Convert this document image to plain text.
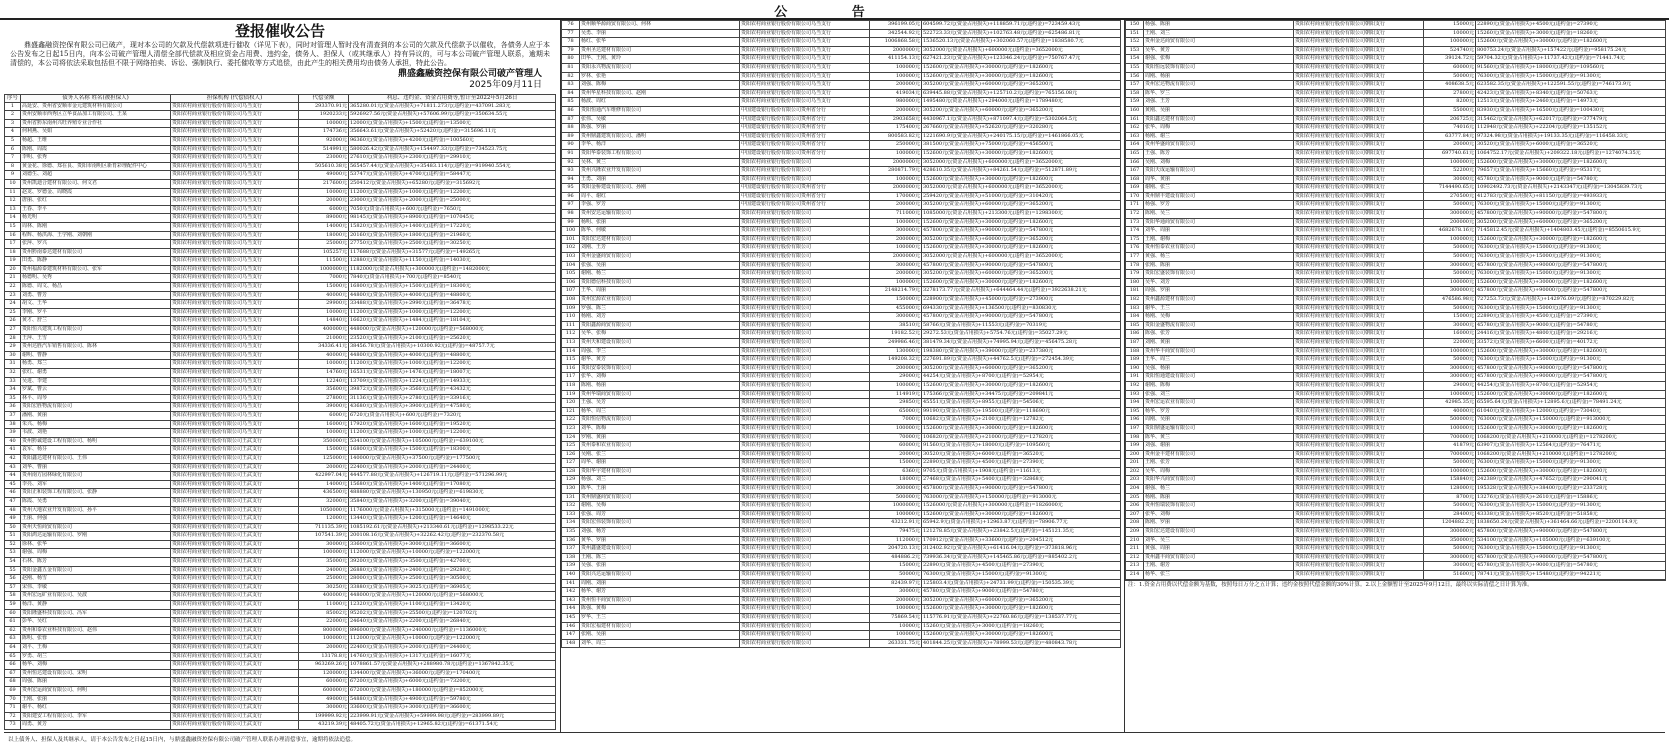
公 告
登报催收公告
鼎盛鑫融资控保有限公司已破产，现对本公司的欠款及代偿款项进行催收（详见下表），同时对管理人暂时没有清查到的本公司的欠款及代偿款予以催收，各债务人应于本公告发布之日起15日内，向本公司破产管理人清偿全部代偿款及相应资金占用费、违约金，债务人、担保人（或其继承人）持有异议的，可与本公司破产管理人联系，逾期未清偿的，本公司将依法采取包括但不限于网络拍卖、诉讼、强制执行、委托催收等方式追偿，由此产生的相关费用均由债务人承担，特此公告。
鼎盛鑫融资控保有限公司破产管理人
2025年09月11日
序号	债务人名称 姓名(被担保人)	担保机构 (代偿债权人)	代偿金额	利息、违约金、资金占用费等,暂计至2022年5月26日
1	高延安、贵州省安顺市金元建筑材料有限公司	贵阳农村商业银行股份有限公司乌当支行	293370.91元	365280.01元(资金占用损失)+71811.273元(违约金)=437091.283元
2	贵州安顺市西秀区立华食品加工有限公司、王某	贵阳农村商业银行股份有限公司乌当支行	1920233元	5926927.56元(资金占用损失)+57606.99元(违约金)=350634.55元
3	贵州省黔东南州兴旺养殖专业合作社	贵阳农村商业银行股份有限公司乌当支行	10000元	12000元(资金占用损失)+1500元(违约金)=13500元
4	何利燕、吴娟	贵阳农村商业银行股份有限公司乌当支行	174736元	356643.61元(资金占用损失)+52420元(违约金)=315696.11元
5	杨超、王维	贵阳农村商业银行股份有限公司乌当支行	92000元	96360元(资金占用损失)+4200元(违约金)=100560元
6	陈刚、周霞	贵阳农村商业银行股份有限公司乌当支行	514991元	580026.42元(资金占用损失)+154497.33元(违约金)=734523.75元
7	李明、张秀	贵阳农村商业银行股份有限公司乌当支行	23000元	27610元(资金占用损失)+2300元(违约金)=29910元
8	黄金花、徐德、郑在良、贵阳市南明区新育彩理配件中心	贵阳农村商业银行股份有限公司乌当支行	505610.38元	565457.44元(资金占用损失)+35483.114元(违约金)=919940.554元
9	刘德生、刘超	贵阳农村商业银行股份有限公司乌当支行	49000元	53747元(资金占用损失)+4700元(违约金)=58447元
10	贵州凯迪合建材有限公司、何文君	贵阳农村商业银行股份有限公司乌当支行	217600元	250412元(资金占用损失)+65280元(违约金)=315692元
11	赵龙、罗德金、周晓霞	贵阳农村商业银行股份有限公司乌当支行	10000元	11200元(资金占用损失)+1000元(违约金)=12200元
12	唐丽、张红	贵阳农村商业银行股份有限公司乌当支行	20000元	23000元(资金占用损失)+2000元(违约金)=25000元
13	王春、李平	贵阳农村商业银行股份有限公司乌当支行	6000元	7050元(资金占用损失)+600元(违约金)=7650元
14	杨光明	贵阳农村商业银行股份有限公司乌当支行	89000元	98145元(资金占用损失)+8900元(违约金)=107045元
15	周林、陈刚	贵阳农村商业银行股份有限公司乌当支行	14000元	15820元(资金占用损失)+1400元(违约金)=17220元
16	程辉、杨洪海、王学刚、刘朝刚	贵阳农村商业银行股份有限公司乌当支行	18000元	20160元(资金占用损失)+1800元(违约金)=21960元
17	张萍、罗兴	贵阳农村商业银行股份有限公司乌当支行	25000元	27750元(资金占用损失)+2500元(违约金)=30250元
18	贵州黔南泰达建材有限公司	贵阳农村商业银行股份有限公司乌当支行	105257元	117688元(资金占用损失)+31577元(违约金)=149265元
19	田勇、陈静	贵阳农村商业银行股份有限公司乌当支行	11500元	12880元(资金占用损失)+1150元(违约金)=14030元
20	贵州福源泰建筑材料有限公司、张军	贵阳农村商业银行股份有限公司乌当支行	1000000元	1182000元(资金占用损失)+300000元(违约金)=1482000元
21	杨德明、吴秀	贵阳农村商业银行股份有限公司乌当支行	7000元	7840元(资金占用损失)+700元(违约金)=8540元
22	陈德、周文、杨昌	贵阳农村商业银行股份有限公司乌当支行	15000元	16800元(资金占用损失)+1500元(违约金)=18300元
23	刘勇、曹芳	贵阳农村商业银行股份有限公司乌当支行	40000元	44800元(资金占用损失)+4000元(违约金)=48800元
24	胡文、王华	贵阳农村商业银行股份有限公司乌当支行	29900元	33488元(资金占用损失)+2990元(违约金)=36478元
25	李刚、罗平	贵阳农村商业银行股份有限公司乌当支行	10000元	11200元(资金占用损失)+1000元(违约金)=12200元
26	黄才、舒兰	贵阳农村商业银行股份有限公司乌当支行	14840元	16620元(资金占用损失)+1484元(违约金)=18104元
27	贵阳恒兴建筑工程有限公司	贵阳农村商业银行股份有限公司乌当支行	400000元	448000元(资金占用损失)+120000元(违约金)=568000元
28	王萍、王雪	贵阳农村商业银行股份有限公司乌当支行	21000元	23520元(资金占用损失)+2100元(违约金)=25620元
29	贵州达胜汽车销售有限公司、陈林	贵阳农村商业银行股份有限公司乌当支行	34336.41元	38456.78元(资金占用损失)+10300.92元(违约金)=48757.7元
30	谢明、曹静	贵阳农村商业银行股份有限公司乌当支行	40000元	44800元(资金占用损失)+4000元(违约金)=48800元
31	杨勇、郑兰	贵阳农村商业银行股份有限公司乌当支行	10000元	11200元(资金占用损失)+1000元(违约金)=12200元
32	张红、谢勇	贵阳农村商业银行股份有限公司乌当支行	14760元	16531元(资金占用损失)+1476元(违约金)=18007元
33	吴进、李建	贵阳农村商业银行股份有限公司乌当支行	12240元	13709元(资金占用损失)+1224元(违约金)=14933元
34	罗斌、曹云	贵阳农村商业银行股份有限公司乌当支行	35600元	39872元(资金占用损失)+3560元(违约金)=43432元
35	林平、周琴	贵阳农村商业银行股份有限公司乌当支行	27800元	31136元(资金占用损失)+2780元(违约金)=33916元
36	贵阳宏胜物流有限公司	贵阳农村商业银行股份有限公司乌当支行	39000元	43680元(资金占用损失)+3900元(违约金)=47580元
37	潘刚、黄丽	贵阳农村商业银行股份有限公司乌当支行	6000元	6720元(资金占用损失)+600元(违约金)=7320元
38	朱兴、杨梅	贵阳农村商业银行股份有限公司乌当支行	16000元	17920元(资金占用损失)+1600元(违约金)=19520元
39	韦波、刘艳	贵阳农村商业银行股份有限公司乌当支行	10000元	11200元(资金占用损失)+1000元(违约金)=12200元
40	贵州黔诚建设工程有限公司、杨明	贵阳农村商业银行股份有限公司王武支行	350000元	534100元(资金占用损失)+105000元(违约金)=639100元
41	袁军、杨芬	贵阳农村商业银行股份有限公司王武支行	15000元	16800元(资金占用损失)+1500元(违约金)=18300元
42	贵阳鑫达建材有限公司、王伟	贵阳农村商业银行股份有限公司王武支行	125000元	140000元(资金占用损失)+37500元(违约金)=177500元
43	刘华、曹丽	贵阳农村商业银行股份有限公司王武支行	20000元	22400元(资金占用损失)+2000元(违约金)=24400元
44	贵州南方园林绿化有限公司	贵阳农村商业银行股份有限公司王武支行	422997.04元	444577.88元(资金占用损失)+126719.11元(违约金)=571296.99元
45	李亮、刘军	贵阳农村商业银行股份有限公司王武支行	14000元	15680元(资金占用损失)+1400元(违约金)=17080元
46	贵阳正和装饰工程有限公司、张静	贵阳农村商业银行股份有限公司王武支行	436500元	488880元(资金占用损失)+130950元(违约金)=619830元
47	陈霞、吴勇	贵阳农村商业银行股份有限公司王武支行	32000元	35840元(资金占用损失)+3200元(违约金)=39040元
48	贵州大地农业开发有限公司、孙平	贵阳农村商业银行股份有限公司王武支行	1050000元	1176000元(资金占用损失)+315000元(违约金)=1491000元
49	王丽、何强	贵阳农村商业银行股份有限公司王武支行	12000元	13440元(资金占用损失)+1200元(违约金)=14640元
50	贵州天恒商贸有限公司	贵阳农村商业银行股份有限公司王武支行	711135.39元	1085192.61元(资金占用损失)+213340.61元(违约金)=1298533.22元
51	贵阳鸿达运输有限公司、罗刚	贵阳农村商业银行股份有限公司王武支行	107541.39元	200108.16元(资金占用损失)+32262.42元(违约金)=232370.58元
52	徐林、张华	贵阳农村商业银行股份有限公司王武支行	30000元	33600元(资金占用损失)+3000元(违约金)=36600元
53	谢强、周梅	贵阳农村商业银行股份有限公司王武支行	100000元	112000元(资金占用损失)+10000元(违约金)=122000元
54	石林、陈芳	贵阳农村商业银行股份有限公司王武支行	35000元	39200元(资金占用损失)+3500元(违约金)=42700元
55	贵阳金鑫五金有限公司	贵阳农村商业银行股份有限公司王武支行	24000元	26880元(资金占用损失)+2400元(违约金)=29280元
56	赵刚、杨雪	贵阳农村商业银行股份有限公司王武支行	25000元	28000元(资金占用损失)+2500元(违约金)=30500元
57	宋伟、李敏	贵阳农村商业银行股份有限公司王武支行	30250元	33880元(资金占用损失)+3025元(违约金)=36905元
58	贵州宏远矿业有限公司、吴波	贵阳农村商业银行股份有限公司王武支行	400000元	448000元(资金占用损失)+120000元(违约金)=568000元
59	杨洋、黄静	贵阳农村商业银行股份有限公司王武支行	11000元	12320元(资金占用损失)+1100元(违约金)=13420元
60	贵阳隆盛科技有限公司、冯军	贵阳农村商业银行股份有限公司王武支行	85002元	95202元(资金占用损失)+25500元(违约金)=120702元
61	彭华、吴红	贵阳农村商业银行股份有限公司王武支行	22000元	24640元(资金占用损失)+2200元(违约金)=26840元
62	贵州和泰农业科技有限公司、赵伟	贵阳农村商业银行股份有限公司王武支行	800000元	896000元(资金占用损失)+240000元(违约金)=1136000元
63	陈明、张蓉	贵阳农村商业银行股份有限公司王武支行	100000元	112000元(资金占用损失)+10000元(违约金)=122000元
64	刘平、王梅	贵阳农村商业银行股份有限公司王武支行	20000元	22400元(资金占用损失)+2000元(违约金)=24400元
65	罗勇、胡兰	贵阳农村商业银行股份有限公司王武支行	13178.8元	14760元(资金占用损失)+1317元(违约金)=16077元
66	杨华、刘梅	贵阳农村商业银行股份有限公司王武支行	963269.26元	1078861.57元(资金占用损失)+288980.78元(违约金)=1367842.35元
67	贵州恒达建设有限公司、宋明	贵阳农村商业银行股份有限公司王武支行	120000元	134400元(资金占用损失)+36000元(违约金)=170400元
68	周强、陈丽	贵阳农村商业银行股份有限公司王武支行	60000元	67200元(资金占用损失)+6000元(违约金)=73200元
69	贵州宏运商贸有限公司、何明	贵阳农村商业银行股份有限公司王武支行	600000元	672000元(资金占用损失)+180000元(违约金)=852000元
70	王刚、张丽	贵阳农村商业银行股份有限公司王武支行	49000元	54880元(资金占用损失)+4900元(违约金)=59780元
71	谢平、杨红	贵阳农村商业银行股份有限公司王武支行	30000元	33600元(资金占用损失)+3000元(违约金)=36600元
72	贵阳建安工程有限公司、李军	贵阳农村商业银行股份有限公司王武支行	199999.92元	223999.91元(资金占用损失)+59999.98元(违约金)=283999.89元
73	周勇、黄芳	贵阳农村商业银行股份有限公司王武支行	43219.39元	48405.72元(资金占用损失)+12965.82元(违约金)=61371.54元
76	贵州顺华源商贸有限公司、何林	贵阳农村商业银行股份有限公司乌当支行	396199.05元	604599.72元(资金占用损失)+118859.71元(违约金)=723459.43元
77	吴勇、李丽	贵阳农村商业银行股份有限公司乌当支行	342544.92元	522723.33元(资金占用损失)+102763.48元(违约金)=625486.81元
78	杨红、张华	贵阳农村商业银行股份有限公司乌当支行	1006868.58元	1536520.13元(资金占用损失)+302060.57元(违约金)=1838580.7元
79	贵州圣达建材有限公司	贵阳农村商业银行股份有限公司乌当支行	2000000元	3052000元(资金占用损失)+600000元(违约金)=3652000元
80	田华、王刚、黄玲	贵阳农村商业银行股份有限公司乌当支行	411154.13元	627421.23元(资金占用损失)+123346.24元(违约金)=750767.47元
81	贵阳永兴物流有限公司	贵阳农村商业银行股份有限公司乌当支行	100000元	152600元(资金占用损失)+30000元(违约金)=182600元
82	罗林、张艳	贵阳农村商业银行股份有限公司乌当支行	100000元	152600元(资金占用损失)+30000元(违约金)=182600元
83	刘强、陈梅	贵阳农村商业银行股份有限公司乌当支行	200000元	305200元(资金占用损失)+60000元(违约金)=365200元
84	贵州华星科技有限公司、赵刚	贵阳农村商业银行股份有限公司乌当支行	419034元	639445.88元(资金占用损失)+125710.2元(违约金)=765156.08元
85	杨波、周红	贵阳农村商业银行股份有限公司乌当支行	980000元	1495480元(资金占用损失)+294000元(违约金)=1789480元
86	贵阳恒通汽车维修有限公司	中国建设银行股份有限公司贵州省分行	200000元	305200元(资金占用损失)+60000元(违约金)=365200元
87	张伟、吴敏	中国建设银行股份有限公司贵州省分行	2903658元	4430967.1元(资金占用损失)+871097.4元(违约金)=5302064.5元
88	陈强、罗丽	中国建设银行股份有限公司贵州省分行	175400元	267660元(资金占用损失)+52620元(违约金)=320280元
89	贵州鼎鑫建筑有限公司、潘明	中国建设银行股份有限公司贵州省分行	800583.82元	1221690.9元(资金占用损失)+240175.15元(违约金)=1461866.05元
90	李华、杨洋	中国建设银行股份有限公司贵州省分行	250000元	381500元(资金占用损失)+75000元(违约金)=456500元
91	贵阳华泰装饰工程有限公司	中国建设银行股份有限公司贵州省分行	100000元	152600元(资金占用损失)+30000元(违约金)=182600元
92	吴林、黄兰	贵阳农村商业银行股份有限公司	2000000元	3052000元(资金占用损失)+600000元(违约金)=3652000元
93	贵州兴隆农业开发有限公司	贵阳农村商业银行股份有限公司	280871.79元	428610.35元(资金占用损失)+84261.54元(违约金)=512871.89元
94	王勇、刘丽	贵阳农村商业银行股份有限公司	100000元	152600元(资金占用损失)+30000元(违约金)=182600元
95	贵阳金桥建设有限公司、孙刚	中国建设银行股份有限公司贵州省分行	2000000元	3052000元(资金占用损失)+600000元(违约金)=3652000元
96	周平、谢红	中国建设银行股份有限公司贵州省分行	170000元	259420元(资金占用损失)+51000元(违约金)=310420元
97	李强、罗芳	中国建设银行股份有限公司贵州省分行	200000元	305200元(资金占用损失)+60000元(违约金)=365200元
98	贵州安达运输有限公司	贵阳农村商业银行股份有限公司	711000元	1085000元(资金占用损失)+213300元(违约金)=1298300元
99	杨明、张丽	贵阳农村商业银行股份有限公司	100000元	152600元(资金占用损失)+30000元(违约金)=182600元
100	陈华、何敏	贵阳农村商业银行股份有限公司	300000元	457800元(资金占用损失)+90000元(违约金)=547800元
101	贵阳宏达建材有限公司	贵阳农村商业银行股份有限公司	200000元	305200元(资金占用损失)+60000元(违约金)=365200元
102	刘刚、王芳	贵阳农村商业银行股份有限公司	100000元	152600元(资金占用损失)+30000元(违约金)=182600元
103	贵州金盛商贸有限公司	贵阳农村商业银行股份有限公司	2000000元	3052000元(资金占用损失)+600000元(违约金)=3652000元
104	张强、吴丽	贵阳农村商业银行股份有限公司	300000元	457800元(资金占用损失)+90000元(违约金)=547800元
105	谢刚、杨兰	贵阳农村商业银行股份有限公司	200000元	305200元(资金占用损失)+60000元(违约金)=365200元
106	贵阳德信科技有限公司	贵阳农村商业银行股份有限公司	100000元	152600元(资金占用损失)+30000元(违约金)=182600元
107	王华、周丽	贵阳农村商业银行股份有限公司	2148214.79元	3278173.77元(资金占用损失)+644464.44元(违约金)=3922638.21元
108	贵州宏源农业有限公司	贵阳农村商业银行股份有限公司	150000元	228900元(资金占用损失)+45000元(违约金)=273900元
109	罗强、陈兰	贵阳农村商业银行股份有限公司	455000元	694330元(资金占用损失)+136500元(违约金)=830830元
110	杨刚、刘芳	贵阳农村商业银行股份有限公司	300000元	457800元(资金占用损失)+90000元(违约金)=547800元
111	贵阳鑫源商贸有限公司	贵阳农村商业银行股份有限公司	38510元	58766元(资金占用损失)+11553元(违约金)=70319元
112	吴华、张梅	贵阳农村商业银行股份有限公司	19182.52元	29272.53元(资金占用损失)+5754.76元(违约金)=35027.29元
113	贵州天和建设有限公司	贵阳农村商业银行股份有限公司	249986.46元	381479.34元(资金占用损失)+74995.94元(违约金)=456475.28元
114	周强、李兰	贵阳农村商业银行股份有限公司	130000元	198380元(资金占用损失)+39000元(违约金)=237380元
115	谢华、黄芳	贵阳农村商业银行股份有限公司	149208.32元	227691.89元(资金占用损失)+44762.5元(违约金)=272454.39元
116	贵阳安泰装饰有限公司	贵阳农村商业银行股份有限公司	200000元	305200元(资金占用损失)+60000元(违约金)=365200元
117	张华、刘梅	贵阳农村商业银行股份有限公司	29000元	44254元(资金占用损失)+8700元(违约金)=52954元
118	陈刚、杨丽	贵阳农村商业银行股份有限公司	100000元	152600元(资金占用损失)+30000元(违约金)=182600元
119	贵州华瑞商贸有限公司	贵阳农村商业银行股份有限公司	114919元	175366元(资金占用损失)+34475元(违约金)=209841元
120	王强、吴芳	贵阳农村商业银行股份有限公司	29850元	45551元(资金占用损失)+8955元(违约金)=54506元
121	杨华、周兰	贵阳农村商业银行股份有限公司	65000元	99190元(资金占用损失)+19500元(违约金)=118690元
122	贵阳恒信物流有限公司	贵阳农村商业银行股份有限公司	7000元	10682元(资金占用损失)+2100元(违约金)=12782元
123	刘华、陈梅	贵阳农村商业银行股份有限公司	100000元	152600元(资金占用损失)+30000元(违约金)=182600元
124	罗刚、黄丽	贵阳农村商业银行股份有限公司	70000元	106820元(资金占用损失)+21000元(违约金)=127820元
125	贵州泰和农业有限公司	贵阳农村商业银行股份有限公司	60000元	91560元(资金占用损失)+18000元(违约金)=109560元
126	吴刚、张兰	贵阳农村商业银行股份有限公司	20000元	30520元(资金占用损失)+6000元(违约金)=36520元
127	周华、谢丽	贵阳农村商业银行股份有限公司	15000元	22890元(资金占用损失)+4500元(违约金)=27390元
128	贵阳华宇建材有限公司	贵阳农村商业银行股份有限公司	6360元	9705元(资金占用损失)+1908元(违约金)=11613元
129	杨强、刘兰	贵阳农村商业银行股份有限公司	18000元	27468元(资金占用损失)+5400元(违约金)=32868元
130	陈华、王丽	贵阳农村商业银行股份有限公司	300000元	457800元(资金占用损失)+90000元(违约金)=547800元
131	贵州鼎盛商贸有限公司	贵阳农村商业银行股份有限公司	500000元	763000元(资金占用损失)+150000元(违约金)=913000元
132	谢刚、吴梅	贵阳农村商业银行股份有限公司	1000000元	1526000元(资金占用损失)+300000元(违约金)=1826000元
133	张强、周芳	贵阳农村商业银行股份有限公司	100000元	152600元(资金占用损失)+30000元(违约金)=182600元
134	贵阳宏伟装饰有限公司	贵阳农村商业银行股份有限公司	43212.91元	65942.9元(资金占用损失)+12963.87元(违约金)=78906.77元
135	刘强、杨芳	贵阳农村商业银行股份有限公司	79475元	121278.85元(资金占用损失)+23842.5元(违约金)=145121.35元
136	黄华、罗丽	贵阳农村商业银行股份有限公司	112000元	170912元(资金占用损失)+33600元(违约金)=204512元
137	贵州鑫盛建设有限公司	贵阳农村商业银行股份有限公司	204720.13元	312402.92元(资金占用损失)+61416.04元(违约金)=373818.96元
138	王刚、陈兰	贵阳农村商业银行股份有限公司	484886.2元	739936.34元(资金占用损失)+145465.86元(违约金)=885402.2元
139	吴强、张丽	贵阳农村商业银行股份有限公司	15000元	22890元(资金占用损失)+4500元(违约金)=27390元
140	贵阳兴达运输有限公司	贵阳农村商业银行股份有限公司	50000元	76300元(资金占用损失)+15000元(违约金)=91300元
141	周刚、刘丽	贵阳农村商业银行股份有限公司	82439.97元	125803.4元(资金占用损失)+24731.99元(违约金)=150535.39元
142	杨华、谢芳	贵阳农村商业银行股份有限公司	30000元	45780元(资金占用损失)+9000元(违约金)=54780元
143	贵州恒丰商贸有限公司	贵阳农村商业银行股份有限公司	200000元	305200元(资金占用损失)+60000元(违约金)=365200元
144	陈强、黄梅	贵阳农村商业银行股份有限公司	100000元	152600元(资金占用损失)+30000元(违约金)=182600元
145	罗华、王兰	贵阳农村商业银行股份有限公司	75869.54元	115776.91元(资金占用损失)+22760.86元(违约金)=138537.77元
146	贵阳宏福建材有限公司	贵阳农村商业银行股份有限公司	10000元	15260元(资金占用损失)+3000元(违约金)=18260元
147	张刚、吴丽	贵阳农村商业银行股份有限公司	100000元	152600元(资金占用损失)+30000元(违约金)=182600元
148	刘华、周兰	贵阳农村商业银行股份有限公司	263331.75元	401844.25元(资金占用损失)+78999.53元(违约金)=480843.78元
150	杨强、陈丽	贵阳农村商业银行股份有限公司朝阳支行	15000元	22890元(资金占用损失)+4500元(违约金)=27390元
151	王刚、刘兰	贵阳农村商业银行股份有限公司朝阳支行	10000元	15260元(资金占用损失)+3000元(违约金)=18260元
152	贵州金达商贸有限公司	贵阳农村商业银行股份有限公司朝阳支行	100000元	152600元(资金占用损失)+30000元(违约金)=182600元
153	吴华、黄芳	贵阳农村商业银行股份有限公司朝阳支行	524740元	800753.24元(资金占用损失)+157422元(违约金)=958175.24元
154	谢强、张梅	贵阳农村商业银行股份有限公司朝阳支行	39124.72元	59704.32元(资金占用损失)+11737.42元(违约金)=71441.74元
155	贵阳恒远装饰有限公司	贵阳农村商业银行股份有限公司朝阳支行	60000元	91560元(资金占用损失)+18000元(违约金)=109560元
156	周刚、杨丽	贵阳农村商业银行股份有限公司朝阳支行	50000元	76300元(资金占用损失)+15000元(违约金)=91300元
157	贵州宏达物流有限公司	贵阳农村商业银行股份有限公司朝阳支行	408638.5元	623582.35元(资金占用损失)+122591.55元(违约金)=746173.9元
158	陈华、罗兰	贵阳农村商业银行股份有限公司朝阳支行	27800元	42423元(资金占用损失)+8340元(违约金)=50763元
159	刘强、王芳	贵阳农村商业银行股份有限公司朝阳支行	8200元	12513元(资金占用损失)+2460元(违约金)=14973元
160	黄刚、吴丽	贵阳农村商业银行股份有限公司朝阳支行	55000元	83930元(资金占用损失)+16500元(违约金)=100430元
161	贵阳鑫达建材有限公司	贵阳农村商业银行股份有限公司朝阳支行	206725元	315462元(资金占用损失)+62017元(违约金)=377479元
162	张华、周梅	贵阳农村商业银行股份有限公司朝阳支行	74016元	112948元(资金占用损失)+22204元(违约金)=135152元
163	杨刚、谢兰	贵阳农村商业银行股份有限公司朝阳支行	63777.84元	97324.98元(资金占用损失)+19133.35元(违约金)=116458.33元
164	贵州华盛商贸有限公司	贵阳农村商业银行股份有限公司朝阳支行	20000元	30520元(资金占用损失)+6000元(违约金)=36520元
165	王强、陈芳	贵阳农村商业银行股份有限公司朝阳支行	697740.61元	1064752.17元(资金占用损失)+209322.18元(违约金)=1274074.35元
166	吴刚、刘梅	贵阳农村商业银行股份有限公司朝阳支行	100000元	152600元(资金占用损失)+30000元(违约金)=182600元
167	贵阳天成运输有限公司	贵阳农村商业银行股份有限公司朝阳支行	52200元	79657元(资金占用损失)+15660元(违约金)=95317元
168	周华、黄丽	贵阳农村商业银行股份有限公司朝阳支行	30000元	45780元(资金占用损失)+9000元(违约金)=54780元
169	谢刚、张兰	贵阳农村商业银行股份有限公司朝阳支行	7144490.65元	10902492.73元(资金占用损失)+2143347元(违约金)=13045839.73元
170	贵州鼎丰建设有限公司	贵阳农村商业银行股份有限公司朝阳支行	270500元	412783元(资金占用损失)+81150元(违约金)=493933元
171	杨强、罗芳	贵阳农村商业银行股份有限公司朝阳支行	50000元	76300元(资金占用损失)+15000元(违约金)=91300元
172	陈刚、吴兰	贵阳农村商业银行股份有限公司朝阳支行	300000元	457800元(资金占用损失)+90000元(违约金)=547800元
173	贵阳华通商贸有限公司	贵阳农村商业银行股份有限公司朝阳支行	200000元	305200元(资金占用损失)+60000元(违约金)=365200元
174	刘华、周丽	贵阳农村商业银行股份有限公司朝阳支行	4682678.16元	7145812.45元(资金占用损失)+1404803.45元(违约金)=8550615.9元
175	王刚、谢梅	贵阳农村商业银行股份有限公司朝阳支行	100000元	152600元(资金占用损失)+30000元(违约金)=182600元
176	贵州恒泰农业有限公司	贵阳农村商业银行股份有限公司朝阳支行	50000元	76300元(资金占用损失)+15000元(违约金)=91300元
177	黄强、杨兰	贵阳农村商业银行股份有限公司朝阳支行	50000元	76300元(资金占用损失)+15000元(违约金)=91300元
178	张刚、陈丽	贵阳农村商业银行股份有限公司朝阳支行	300000元	457800元(资金占用损失)+90000元(违约金)=547800元
179	贵阳宏盛装饰有限公司	贵阳农村商业银行股份有限公司朝阳支行	50000元	76300元(资金占用损失)+15000元(违约金)=91300元
180	吴华、刘芳	贵阳农村商业银行股份有限公司朝阳支行	100000元	152600元(资金占用损失)+30000元(违约金)=182600元
181	周强、罗丽	贵阳农村商业银行股份有限公司朝阳支行	300000元	457800元(资金占用损失)+90000元(违约金)=547800元
182	贵州鑫源建材有限公司	贵阳农村商业银行股份有限公司朝阳支行	476586.98元	727253.73元(资金占用损失)+142976.09元(违约金)=870229.82元
183	谢华、王兰	贵阳农村商业银行股份有限公司朝阳支行	50000元	76300元(资金占用损失)+15000元(违约金)=91300元
184	杨刚、吴梅	贵阳农村商业银行股份有限公司朝阳支行	15000元	22890元(资金占用损失)+4500元(违约金)=27390元
185	贵阳金盛物流有限公司	贵阳农村商业银行股份有限公司朝阳支行	30000元	45780元(资金占用损失)+9000元(违约金)=54780元
186	陈强、张芳	贵阳农村商业银行股份有限公司朝阳支行	16000元	24416元(资金占用损失)+4800元(违约金)=29216元
187	刘刚、黄丽	贵阳农村商业银行股份有限公司朝阳支行	22000元	33572元(资金占用损失)+6600元(违约金)=40172元
188	贵州华丰商贸有限公司	贵阳农村商业银行股份有限公司朝阳支行	100000元	152600元(资金占用损失)+30000元(违约金)=182600元
189	王华、周兰	贵阳农村商业银行股份有限公司朝阳支行	50000元	76300元(资金占用损失)+15000元(违约金)=91300元
190	吴强、杨丽	贵阳农村商业银行股份有限公司朝阳支行	300000元	457800元(资金占用损失)+90000元(违约金)=547800元
191	贵阳恒通建设有限公司	贵阳农村商业银行股份有限公司朝阳支行	300000元	457800元(资金占用损失)+90000元(违约金)=547800元
192	谢刚、陈梅	贵阳农村商业银行股份有限公司朝阳支行	29000元	44254元(资金占用损失)+8700元(违约金)=52954元
193	张强、刘兰	贵阳农村商业银行股份有限公司朝阳支行	100000元	152600元(资金占用损失)+30000元(违约金)=182600元
194	贵州宏运农业有限公司	贵阳农村商业银行股份有限公司朝阳支行	42985.35元	65595.64元(资金占用损失)+12895.6元(违约金)=78491.24元
195	杨华、罗芳	贵阳农村商业银行股份有限公司朝阳支行	40000元	61040元(资金占用损失)+12000元(违约金)=73040元
196	周刚、吴丽	贵阳农村商业银行股份有限公司朝阳支行	500000元	763000元(资金占用损失)+150000元(违约金)=913000元
197	贵阳鼎盛运输有限公司	贵阳农村商业银行股份有限公司朝阳支行	100000元	152600元(资金占用损失)+30000元(违约金)=182600元
198	陈华、黄兰	贵阳农村商业银行股份有限公司朝阳支行	700000元	1068200元(资金占用损失)+210000元(违约金)=1278200元
199	刘强、谢丽	贵阳农村商业银行股份有限公司朝阳支行	41879元	63907元(资金占用损失)+12564元(违约金)=76471元
200	贵州金丰建材有限公司	贵阳农村商业银行股份有限公司朝阳支行	700000元	1068200元(资金占用损失)+210000元(违约金)=1278200元
201	王刚、张芳	贵阳农村商业银行股份有限公司朝阳支行	50000元	76300元(资金占用损失)+15000元(违约金)=91300元
202	吴华、周梅	贵阳农村商业银行股份有限公司朝阳支行	100000元	152600元(资金占用损失)+30000元(违约金)=182600元
203	贵阳华兴商贸有限公司	贵阳农村商业银行股份有限公司朝阳支行	158840元	242389元(资金占用损失)+47652元(违约金)=290041元
204	谢强、杨兰	贵阳农村商业银行股份有限公司朝阳支行	128000元	195328元(资金占用损失)+38400元(违约金)=233728元
205	杨刚、陈丽	贵阳农村商业银行股份有限公司朝阳支行	8700元	13276元(资金占用损失)+2610元(违约金)=15886元
206	贵州恒瑞装饰有限公司	贵阳农村商业银行股份有限公司朝阳支行	50000元	76300元(资金占用损失)+15000元(违约金)=91300元
207	张华、刘梅	贵阳农村商业银行股份有限公司朝阳支行	28400元	43338元(资金占用损失)+8520元(违约金)=51858元
208	陈刚、罗丽	贵阳农村商业银行股份有限公司朝阳支行	1204882.2元	1838650.24元(资金占用损失)+361464.66元(违约金)=2200114.9元
209	贵阳宏达建设有限公司	贵阳农村商业银行股份有限公司朝阳支行	300000元	457800元(资金占用损失)+90000元(违约金)=547800元
210	刘华、吴兰	贵阳农村商业银行股份有限公司朝阳支行	350000元	534100元(资金占用损失)+105000元(违约金)=639100元
211	黄强、周丽	贵阳农村商业银行股份有限公司朝阳支行	50000元	76300元(资金占用损失)+15000元(违约金)=91300元
212	贵州鑫丰商贸有限公司	贵阳农村商业银行股份有限公司朝阳支行	300000元	457800元(资金占用损失)+90000元(违约金)=547800元
213	王刚、谢芳	贵阳农村商业银行股份有限公司朝阳支行	30000元	45780元(资金占用损失)+9000元(违约金)=54780元
214	杨华、张兰	贵阳农村商业银行股份有限公司朝阳支行	51600元	78741元(资金占用损失)+15480元(违约金)=94221元
注：1.资金占用费以代偿金额为基数，按照每日万分之五计算；违约金按照代偿金额的30%计算。2.以上金额暂计至2025年9月12日，最终以实际清偿之日计算为准。
以上债务人、担保人及其继承人，请于本公告发布之日起15日内，与鼎盛鑫融资控保有限公司破产管理人联系办理清偿事宜，逾期将依法追偿。
